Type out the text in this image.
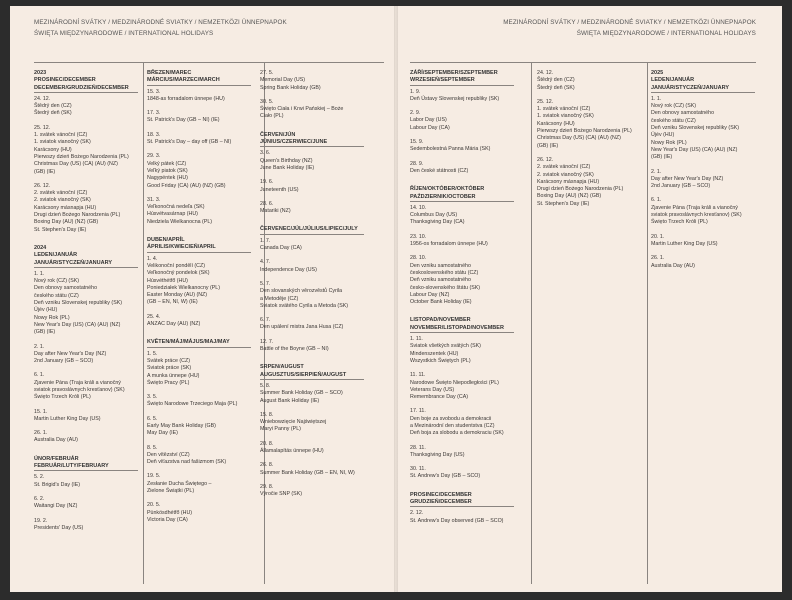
MEZINÁRODNÍ SVÁTKY / MEDZINÁRODNÉ SVIATKY / NEMZETKÖZI ÜNNEPNAPOK
ŚWIĘTA MIĘDZYNARODOWE / INTERNATIONAL HOLIDAYS
2023
PROSINEC/DECEMBER
DECEMBER/GRUDZIEŃ/DECEMBER
24. 12.
Štědrý den (CZ)
Štedrý deň (SK)
25. 12.
1. svátek vánoční (CZ)
1. sviatok vianočný (SK)
Karácsony (HU)
Pierwszy dzień Bożego Narodzenia (PL)
Christmas Day (US) (CA) (AU) (NZ)
(GB) (IE)
26. 12.
2. svátek vánoční (CZ)
2. sviatok vianočný (SK)
Karácsony másnapja (HU)
Drugi dzień Bożego Narodzenia (PL)
Boxing Day (AU) (NZ) (GB)
St. Stephen's Day (IE)
2024
LEDEN/JANUÁR
JANUÁR/STYCZEŃ/JANUARY
1. 1.
Nový rok (CZ) (SK)
Den obnovy samostatného
českého státu (CZ)
Deň vzniku Slovenskej republiky (SK)
Újév (HU)
Nowy Rok (PL)
New Year's Day (US) (CA) (AU) (NZ)
(GB) (IE)
2. 1.
Day after New Year's Day (NZ)
2nd January (GB – SCO)
6. 1.
Zjavenie Pána (Traja králi a vianočný
sviatok pravoslávnych kresťanov) (SK)
Święto Trzech Króli (PL)
15. 1.
Martin Luther King Day (US)
26. 1.
Australia Day (AU)
ÚNOR/FEBRUÁR
FEBRUÁR/LUTY/FEBRUARY
5. 2.
St. Brigid's Day (IE)
6. 2.
Waitangi Day (NZ)
19. 2.
Presidents' Day (US)
BŘEZEN/MAREC
MÁRCIUS/MARZEC/MARCH
15. 3.
1848-as forradalom ünnepe (HU)
17. 3.
St. Patrick's Day (GB – NI) (IE)
18. 3.
St. Patrick's Day – day off (GB – NI)
29. 3.
Velký pátek (CZ)
Veľký piatok (SK)
Nagypéntek (HU)
Good Friday (CA) (AU) (NZ) (GB)
31. 3.
Veľkonočná nedeľa (SK)
Húsvétvasárnap (HU)
Niedziela Wielkanocna (PL)
DUBEN/APRÍL
ÁPRILIS/KWIECIEŃ/APRIL
1. 4.
Velikonoční pondělí (CZ)
Veľkonočný pondelok (SK)
Húsvéthétfő (HU)
Poniedziałek Wielkanocny (PL)
Easter Monday (AU) (NZ)
(GB – EN, NI, W) (IE)
25. 4.
ANZAC Day (AU) (NZ)
KVĚTEN/MÁJ/MÁJUS/MAJ/MAY
1. 5.
Svátek práce (CZ)
Sviatok práce (SK)
A munka ünnepe (HU)
Święto Pracy (PL)
3. 5.
Święto Narodowe Trzeciego Maja (PL)
6. 5.
Early May Bank Holiday (GB)
May Day (IE)
8. 5.
Den vítězství (CZ)
Deň víťazstva nad fašizmom (SK)
19. 5.
Zesłanie Ducha Świętego –
Zielone Świątki (PL)
20. 5.
Pünkösdhétfő (HU)
Victoria Day (CA)
27. 5.
Memorial Day (US)
Spring Bank Holiday (GB)
30. 5.
Święto Ciała i Krwi Pańskiej – Boże
Ciało (PL)
ČERVEN/JÚN
JÚNIUS/CZERWIEC/JUNE
3. 6.
Queen's Birthday (NZ)
June Bank Holiday (IE)
19. 6.
Juneteenth (US)
28. 6.
Matariki (NZ)
ČERVENEC/JÚL/JÚLIUS/LIPIEC/JULY
1. 7.
Canada Day (CA)
4. 7.
Independence Day (US)
5. 7.
Den slovanských věrozvěstů Cyrila
a Metoděje (CZ)
Sviatok svätého Cyrila a Metoda (SK)
6. 7.
Den upálení mistra Jana Husa (CZ)
12. 7.
Battle of the Boyne (GB – NI)
SRPEN/AUGUST
AUGUSZTUS/SIERPIEŃ/AUGUST
5. 8.
Summer Bank Holiday (GB – SCO)
August Bank Holiday (IE)
15. 8.
Wniebowzięcie Najświętszej
Maryi Panny (PL)
20. 8.
Államalapítás ünnepe (HU)
26. 8.
Summer Bank Holiday (GB – EN, NI, W)
29. 8.
Výročie SNP (SK)
MEZINÁRODNÍ SVÁTKY / MEDZINÁRODNÉ SVIATKY / NEMZETKÖZI ÜNNEPNAPOK
ŚWIĘTA MIĘDZYNARODOWE / INTERNATIONAL HOLIDAYS
ZÁŘÍ/SEPTEMBER/SZEPTEMBER
WRZESIEŃ/SEPTEMBER
1. 9.
Deň Ústavy Slovenskej republiky (SK)
2. 9.
Labor Day (US)
Labour Day (CA)
15. 9.
Sedembolestná Panna Mária (SK)
28. 9.
Den české státnosti (CZ)
ŘÍJEN/OKTÓBER/OKTÓBER
PAŹDZIERNIK/OCTOBER
14. 10.
Columbus Day (US)
Thanksgiving Day (CA)
23. 10.
1956-os forradalom ünnepe (HU)
28. 10.
Den vzniku samostatného
československého státu (CZ)
Deň vzniku samostatného
česko-slovenského štátu (SK)
Labour Day (NZ)
October Bank Holiday (IE)
LISTOPAD/NOVEMBER
NOVEMBER/LISTOPAD/NOVEMBER
1. 11.
Sviatok všetkých svätých (SK)
Mindenszentek (HU)
Wszystkich Świętych (PL)
11. 11.
Narodowe Święto Niepodległości (PL)
Veterans Day (US)
Remembrance Day (CA)
17. 11.
Den boje za svobodu a demokracii
a Mezinárodní den studentstva (CZ)
Deň boja za slobodu a demokraciu (SK)
28. 11.
Thanksgiving Day (US)
30. 11.
St. Andrew's Day (GB – SCO)
PROSINEC/DECEMBER
GRUDZIEŃ/DECEMBER
2. 12.
St. Andrew's Day observed (GB – SCO)
24. 12.
Štědrý den (CZ)
Štedrý deň (SK)
25. 12.
1. svátek vánoční (CZ)
1. sviatok vianočný (SK)
Karácsony (HU)
Pierwszy dzień Bożego Narodzenia (PL)
Christmas Day (US) (CA) (AU) (NZ)
(GB) (IE)
26. 12.
2. svátek vánoční (CZ)
2. sviatok vianočný (SK)
Karácsony másnapja (HU)
Drugi dzień Bożego Narodzenia (PL)
Boxing Day (AU) (NZ) (GB)
St. Stephen's Day (IE)
2025
LEDEN/JANUÁR
JANUÁR/STYCZEŃ/JANUARY
1. 1.
Nový rok (CZ) (SK)
Den obnovy samostatného
českého státu (CZ)
Deň vzniku Slovenskej republiky (SK)
Újév (HU)
Nowy Rok (PL)
New Year's Day (US) (CA) (AU) (NZ)
(GB) (IE)
2. 1.
Day after New Year's Day (NZ)
2nd January (GB – SCO)
6. 1.
Zjavenie Pána (Traja králi a vianočný
sviatok pravoslávnych kresťanov) (SK)
Święto Trzech Króli (PL)
20. 1.
Martin Luther King Day (US)
26. 1.
Australia Day (AU)
